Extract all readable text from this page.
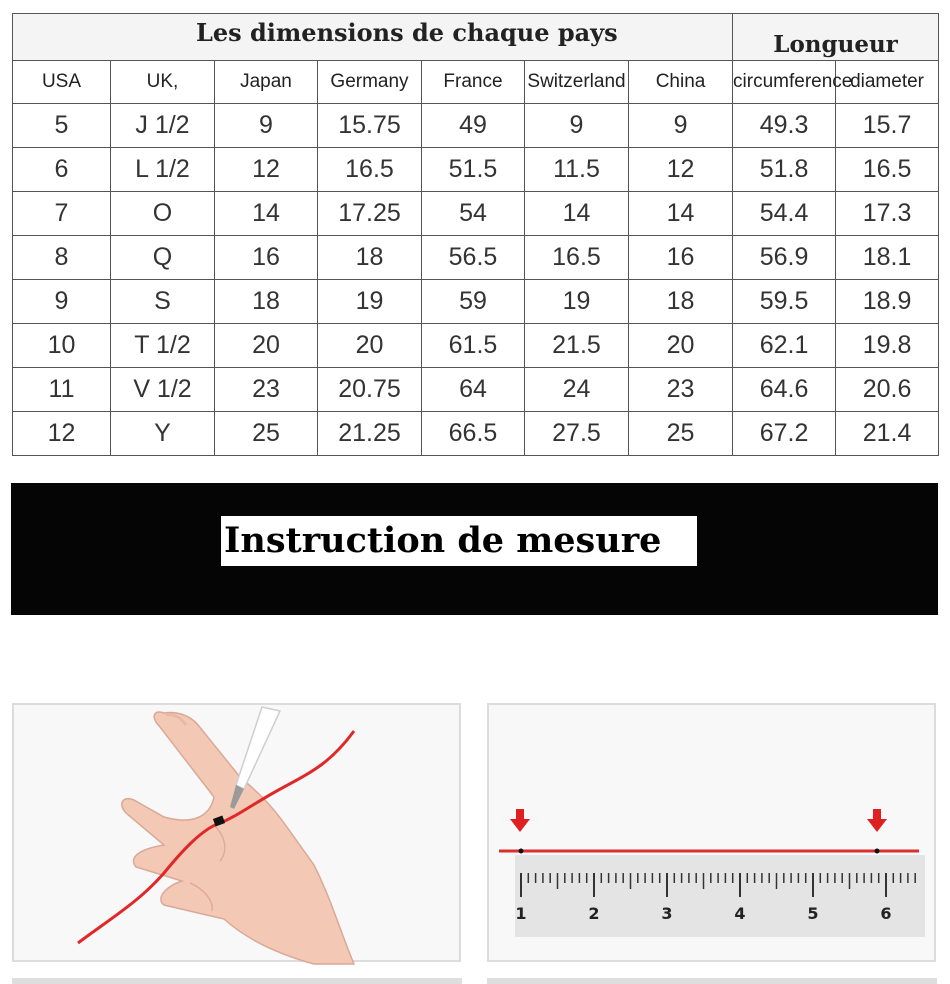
Les dimensions de chaque pays							Longueur	
USA	UK,	Japan	Germany	France	Switzerland	China	circumference	diameter
5	J 1/2	9	15.75	49	9	9	49.3	15.7
6	L 1/2	12	16.5	51.5	11.5	12	51.8	16.5
7	O	14	17.25	54	14	14	54.4	17.3
8	Q	16	18	56.5	16.5	16	56.9	18.1
9	S	18	19	59	19	18	59.5	18.9
10	T 1/2	20	20	61.5	21.5	20	62.1	19.8
11	V 1/2	23	20.75	64	24	23	64.6	20.6
12	Y	25	21.25	66.5	27.5	25	67.2	21.4
Instruction de mesure
1	2	3	4	5	6
